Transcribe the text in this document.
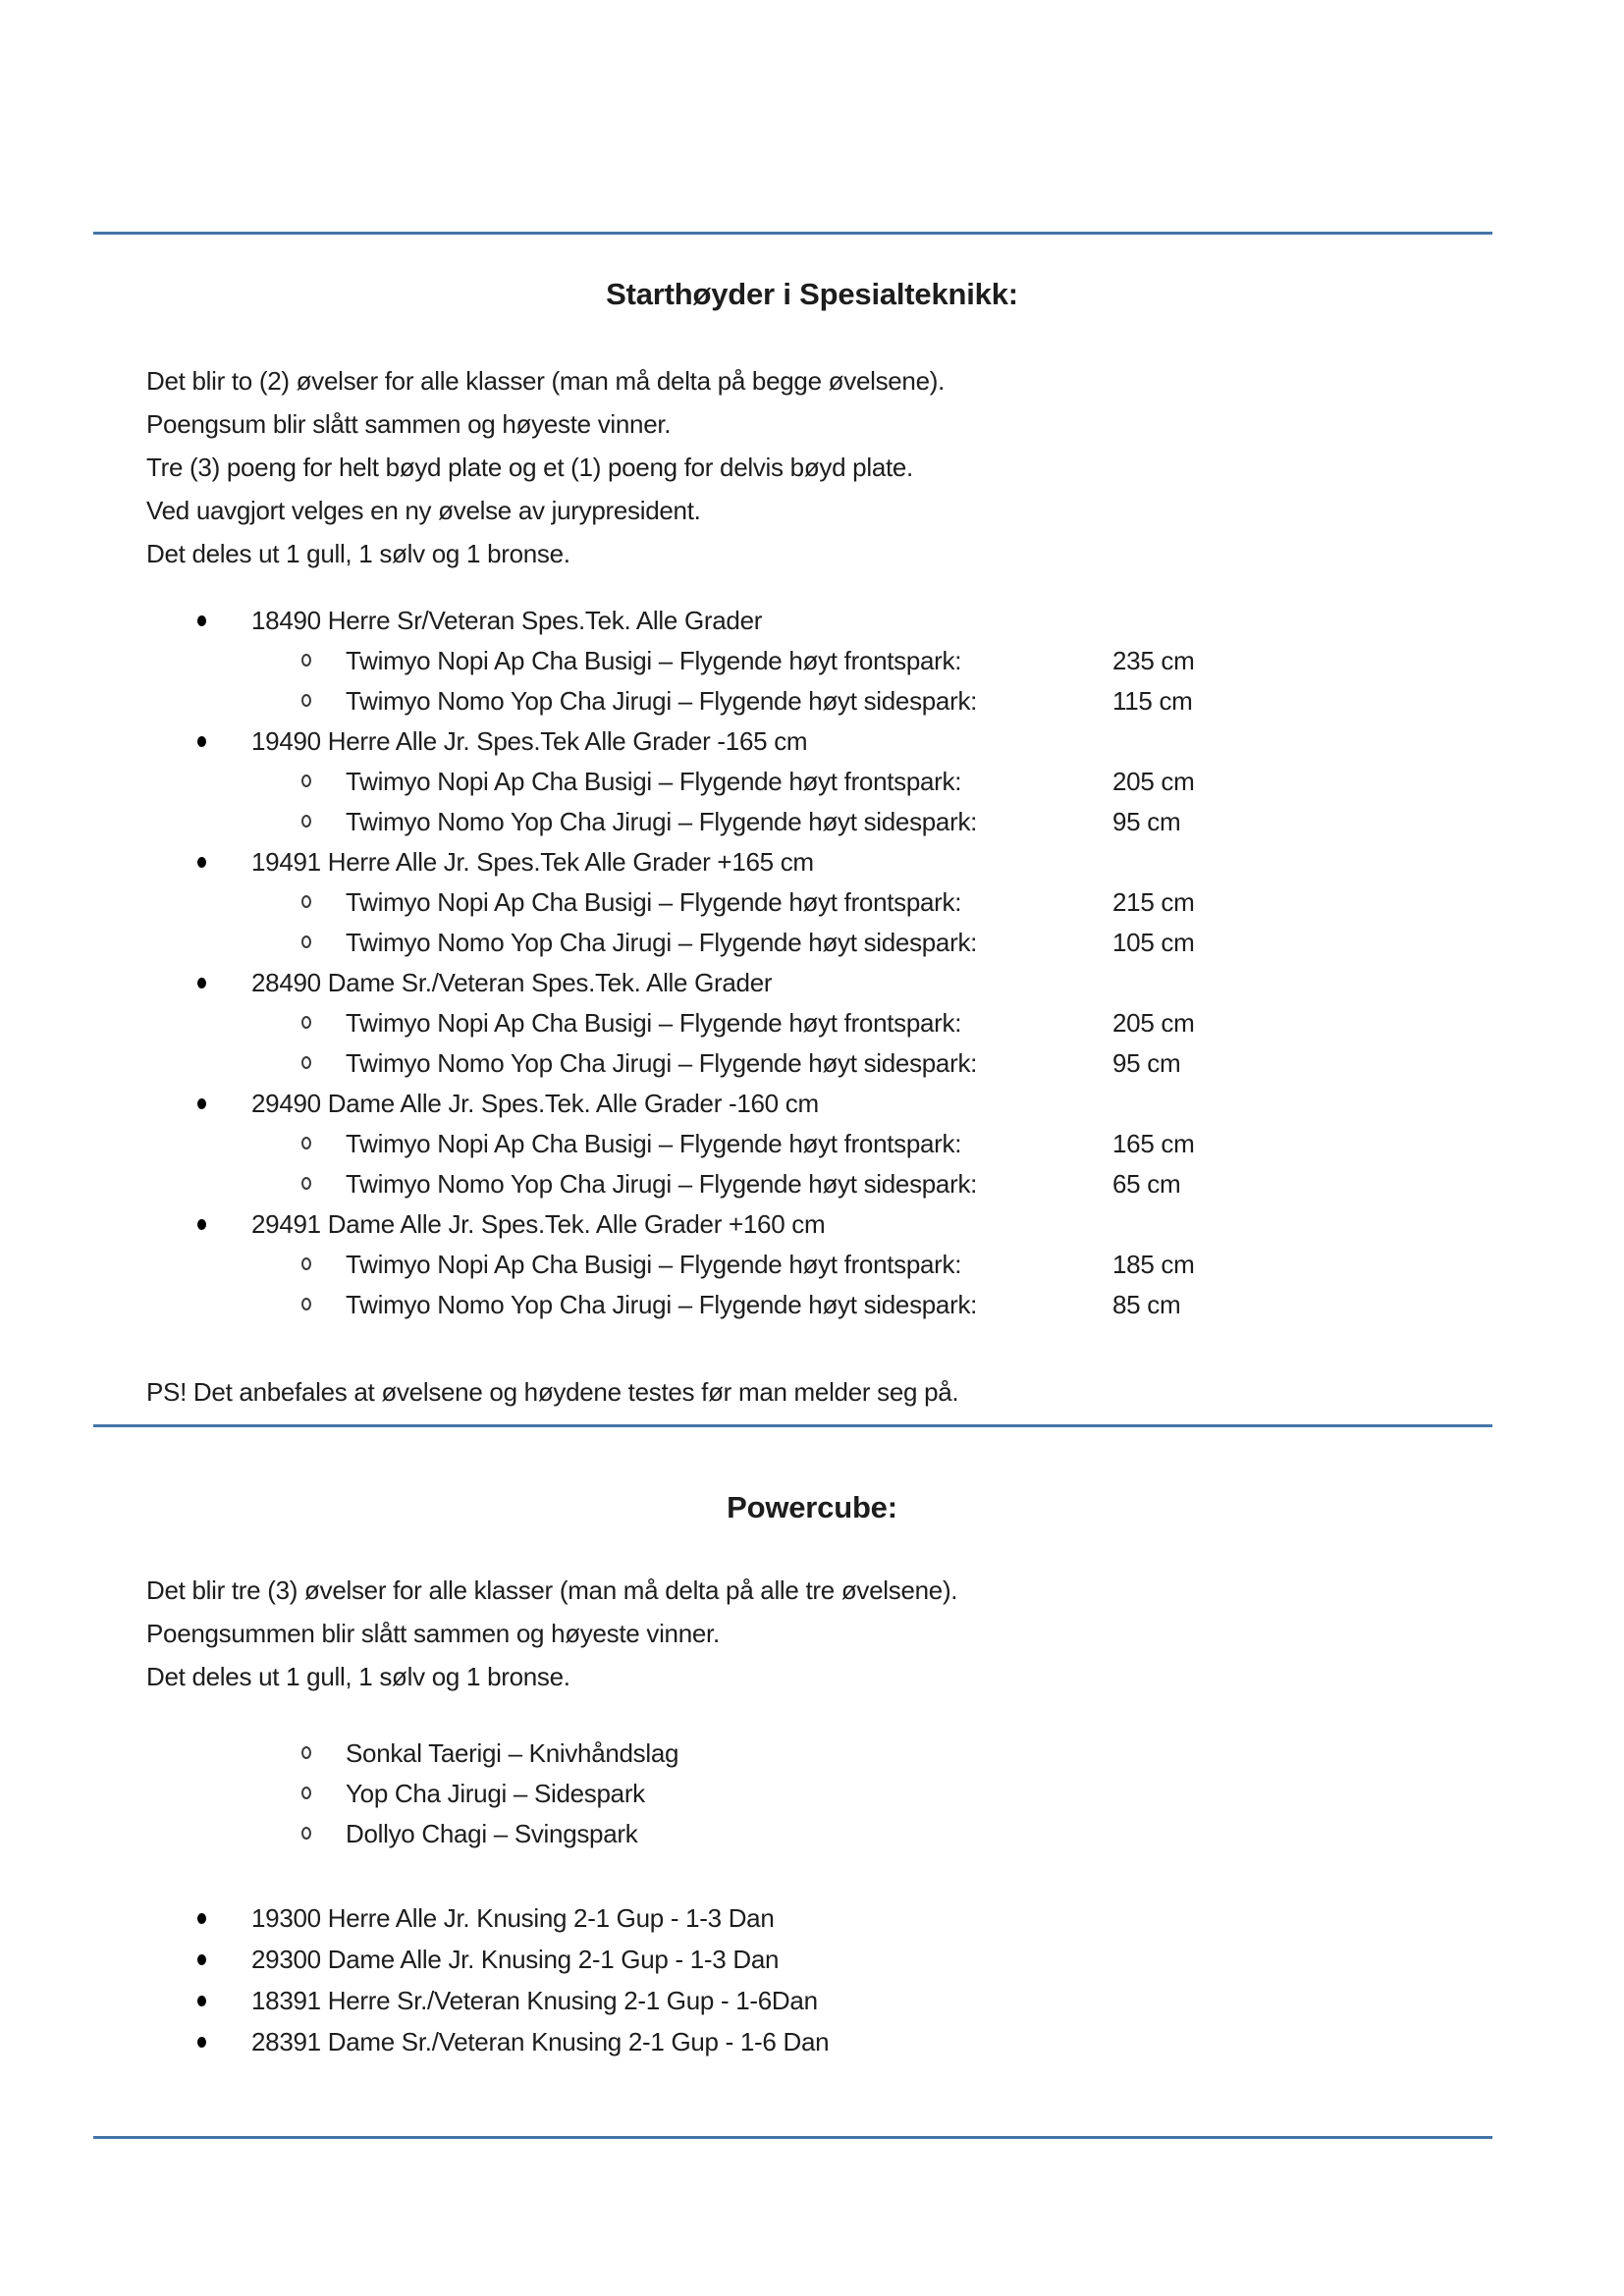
Starthøyder i Spesialteknikk:

Det blir to (2) øvelser for alle klasser (man må delta på begge øvelsene).

Poengsum blir slått sammen og høyeste vinner.

Tre (3) poeng for helt bøyd plate og et (1) poeng for delvis bøyd plate.

Ved uavgjort velges en ny øvelse av jurypresident.

Det deles ut 1 gull, 1 sølv og 1 bronse.

18490 Herre Sr/Veteran Spes.Tek. Alle Grader
Twimyo Nopi Ap Cha Busigi – Flygende høyt frontspark:	235 cm
Twimyo Nomo Yop Cha Jirugi – Flygende høyt sidespark:	115 cm
19490 Herre Alle Jr. Spes.Tek Alle Grader -165 cm
Twimyo Nopi Ap Cha Busigi – Flygende høyt frontspark:	205 cm
Twimyo Nomo Yop Cha Jirugi – Flygende høyt sidespark:	95 cm
19491 Herre Alle Jr. Spes.Tek Alle Grader +165 cm
Twimyo Nopi Ap Cha Busigi – Flygende høyt frontspark:	215 cm
Twimyo Nomo Yop Cha Jirugi – Flygende høyt sidespark:	105 cm
28490 Dame Sr./Veteran Spes.Tek. Alle Grader
Twimyo Nopi Ap Cha Busigi – Flygende høyt frontspark:	205 cm
Twimyo Nomo Yop Cha Jirugi – Flygende høyt sidespark:	95 cm
29490 Dame Alle Jr. Spes.Tek. Alle Grader -160 cm
Twimyo Nopi Ap Cha Busigi – Flygende høyt frontspark:	165 cm
Twimyo Nomo Yop Cha Jirugi – Flygende høyt sidespark:	65 cm
29491 Dame Alle Jr. Spes.Tek. Alle Grader +160 cm
Twimyo Nopi Ap Cha Busigi – Flygende høyt frontspark:	185 cm
Twimyo Nomo Yop Cha Jirugi – Flygende høyt sidespark:	85 cm
PS! Det anbefales at øvelsene og høydene testes før man melder seg på.
Powercube:

Det blir tre (3) øvelser for alle klasser (man må delta på alle tre øvelsene).

Poengsummen blir slått sammen og høyeste vinner.

Det deles ut 1 gull, 1 sølv og 1 bronse.

Sonkal Taerigi – Knivhåndslag
Yop Cha Jirugi – Sidespark
Dollyo Chagi – Svingspark
19300 Herre Alle Jr. Knusing 2-1 Gup - 1-3 Dan
29300 Dame Alle Jr. Knusing 2-1 Gup - 1-3 Dan
18391 Herre Sr./Veteran Knusing 2-1 Gup - 1-6Dan
28391 Dame Sr./Veteran Knusing 2-1 Gup - 1-6 Dan
